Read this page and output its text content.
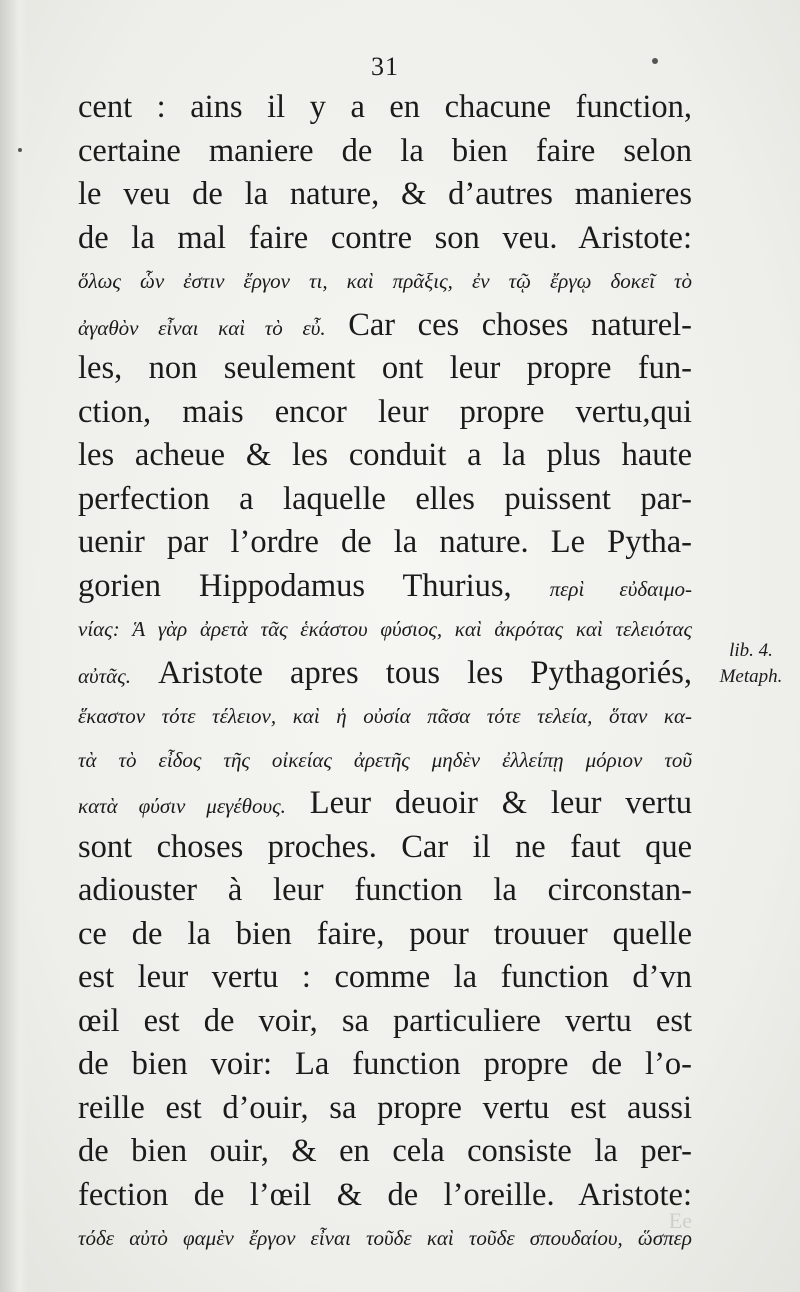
31
cent : ains il y a en chacune function,
certaine maniere de la bien faire selon
le veu de la nature, & d’autres manieres
de la mal faire contre son veu. Aristote:
ὅλως ὧν ἐστιν ἔργον τι, καὶ πρᾶξις, ἐν τῷ ἔργῳ δοκεῖ τὸ
ἀγαθὸν εἶναι καὶ τὸ εὖ. Car ces choses naturel-
les, non seulement ont leur propre fun-
ction, mais encor leur propre vertu,qui
les acheue & les conduit a la plus haute
perfection a laquelle elles puissent par-
uenir par l’ordre de la nature. Le Pytha-
gorien Hippodamus Thurius, περὶ εὐδαιμο-
νίας: Ἁ γὰρ ἀρετὰ τᾶς ἑκάστου φύσιος, καὶ ἀκρότας καὶ τελειότας
αὐτᾶς. Aristote apres tous les Pythagoriés,
ἕκαστον τότε τέλειον, καὶ ἡ οὐσία πᾶσα τότε τελεία, ὅταν κα-
τὰ τὸ εἶδος τῆς οἰκείας ἀρετῆς μηδὲν ἐλλείπῃ μόριον τοῦ
κατὰ φύσιν μεγέθους. Leur deuoir & leur vertu
sont choses proches. Car il ne faut que
adiouster à leur function la circonstan-
ce de la bien faire, pour trouuer quelle
est leur vertu : comme la function d’vn
œil est de voir, sa particuliere vertu est
de bien voir: La function propre de l’o-
reille est d’ouir, sa propre vertu est aussi
de bien ouir, & en cela consiste la per-
fection de l’œil & de l’oreille. Aristote:
τόδε αὐτὸ φαμὲν ἔργον εἶναι τοῦδε καὶ τοῦδε σπουδαίου, ὥσπερ
lib. 4.
Metaph.
Ee
